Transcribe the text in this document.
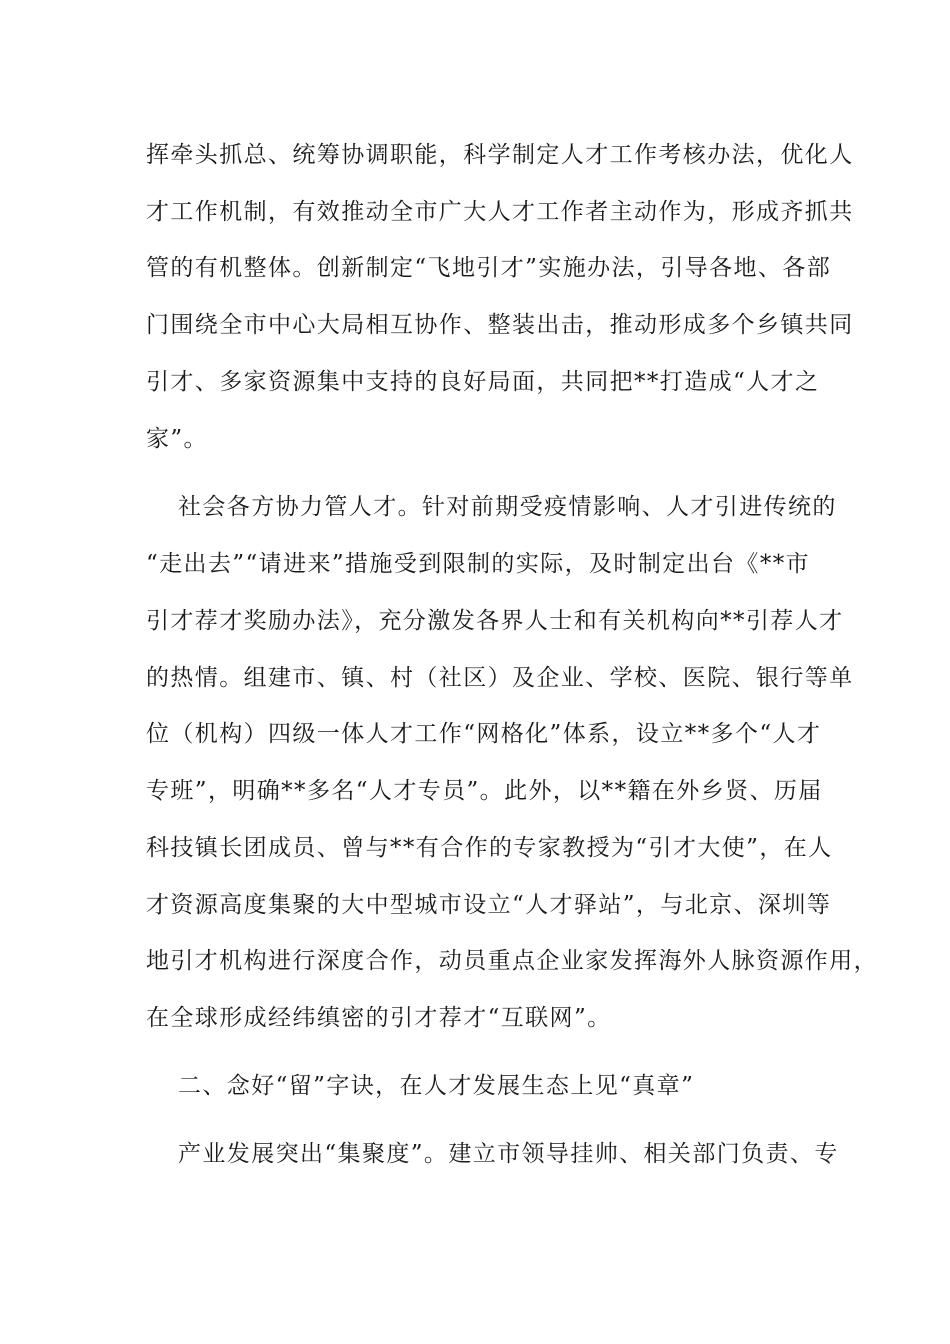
挥牵头抓总、统筹协调职能，科学制定人才工作考核办法，优化人
才工作机制，有效推动全市广大人才工作者主动作为，形成齐抓共
管的有机整体。创新制定“飞地引才”实施办法，引导各地、各部
门围绕全市中心大局相互协作、整装出击，推动形成多个乡镇共同
引才、多家资源集中支持的良好局面，共同把**打造成“人才之
家”。
社会各方协力管人才。针对前期受疫情影响、人才引进传统的
“走出去”“请进来”措施受到限制的实际，及时制定出台《**市
引才荐才奖励办法》，充分激发各界人士和有关机构向**引荐人才
的热情。组建市、镇、村（社区）及企业、学校、医院、银行等单
位（机构）四级一体人才工作“网格化”体系，设立**多个“人才
专班”，明确**多名“人才专员”。此外，以**籍在外乡贤、历届
科技镇长团成员、曾与**有合作的专家教授为“引才大使”，在人
才资源高度集聚的大中型城市设立“人才驿站”，与北京、深圳等
地引才机构进行深度合作，动员重点企业家发挥海外人脉资源作用，
在全球形成经纬缜密的引才荐才“互联网”。
二、念好“留”字诀，在人才发展生态上见“真章”
产业发展突出“集聚度”。建立市领导挂帅、相关部门负责、专
